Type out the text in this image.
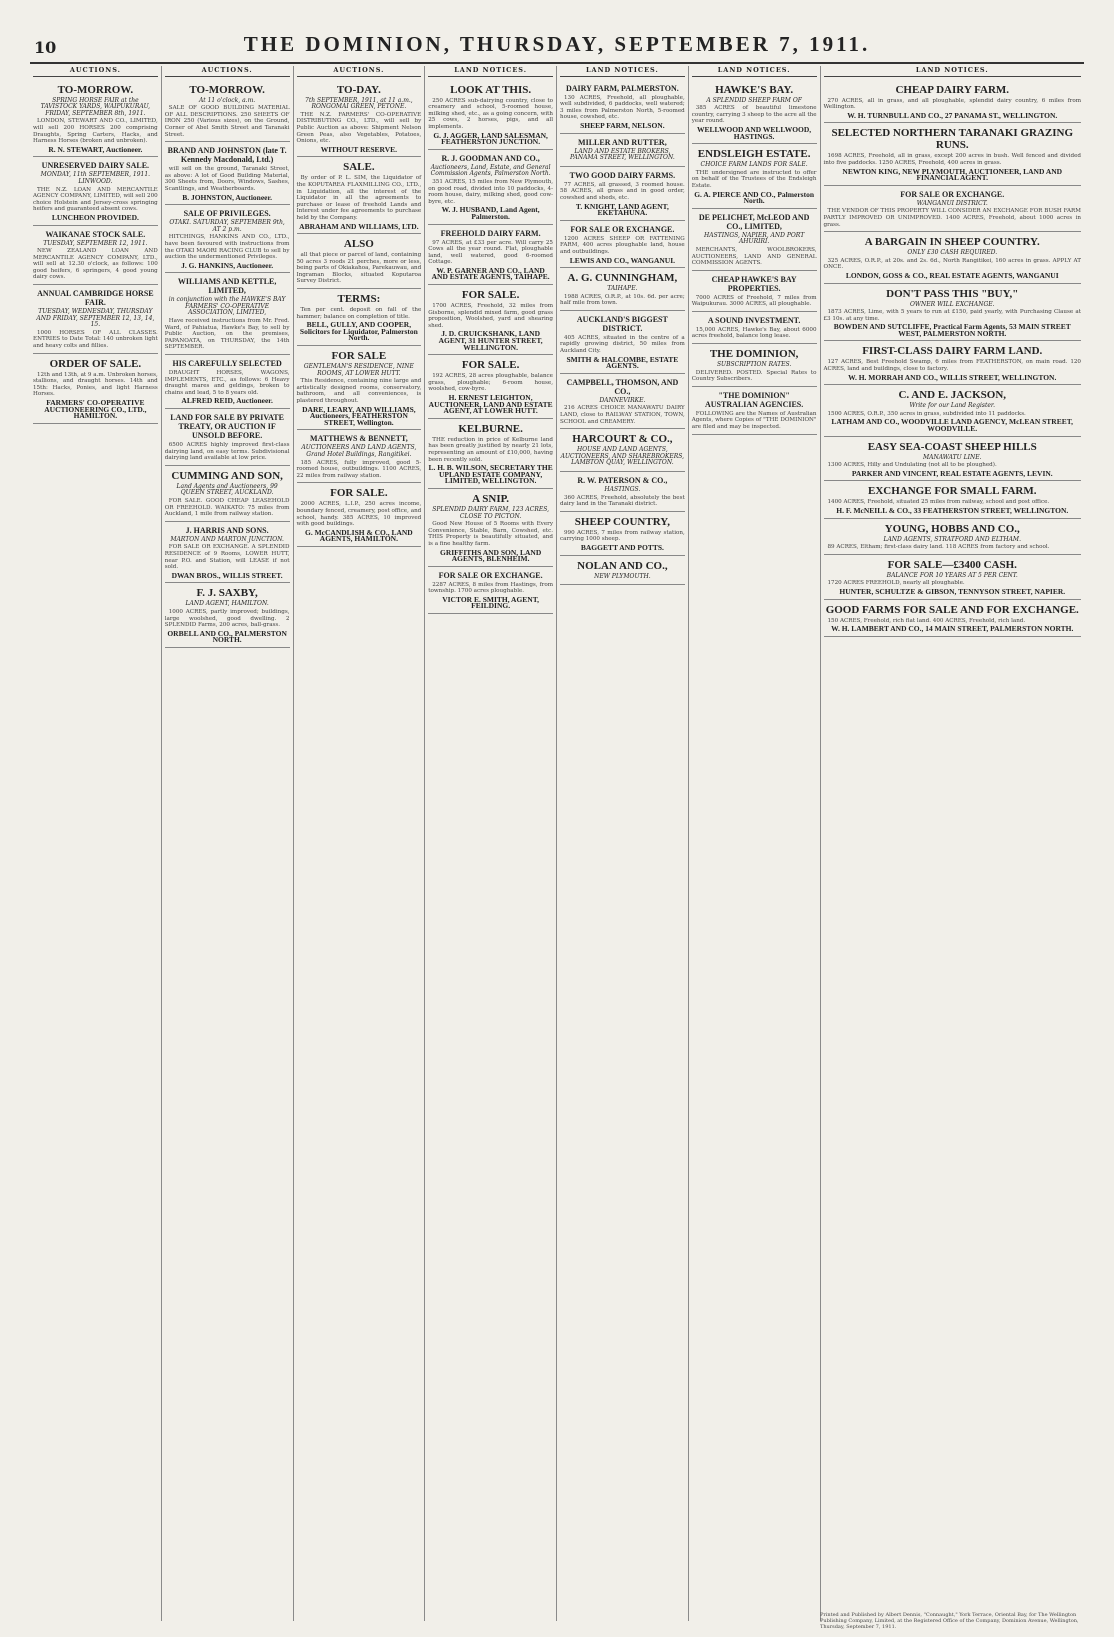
10	THE DOMINION, THURSDAY, SEPTEMBER 7, 1911.
AUCTIONS.
TO-MORROW.
SPRING HORSE FAIR at the TAVISTOCK YARDS, WAIPUKURAU, FRIDAY, SEPTEMBER 8th, 1911.
LONDON, STEWART AND CO., LIMITED, will sell 200 HORSES 200 comprising Draughts, Spring Carters, Hacks, and Harness Horses (broken and unbroken).
R. N. STEWART, Auctioneer.
UNRESERVED DAIRY SALE.
MONDAY, 11th SEPTEMBER, 1911. LINWOOD.
THE N.Z. LOAN AND MERCANTILE AGENCY COMPANY, LIMITED, will sell 200 choice Holstein and Jersey-cross springing heifers and guaranteed absent cows.
LUNCHEON PROVIDED.
WAIKANAE STOCK SALE.
TUESDAY, SEPTEMBER 12, 1911.
NEW ZEALAND LOAN AND MERCANTILE AGENCY COMPANY, LTD., will sell at 12.30 o'clock, as follows: 100 good heifers, 6 springers, 4 good young dairy cows.
ANNUAL CAMBRIDGE HORSE FAIR.
TUESDAY, WEDNESDAY, THURSDAY AND FRIDAY, SEPTEMBER 12, 13, 14, 15.
1000 HORSES OF ALL CLASSES. ENTRIES to Date Total: 140 unbroken light and heavy colts and fillies.
ORDER OF SALE.
12th and 13th, at 9 a.m. Unbroken horses, stallions, and draught horses. 14th and 15th: Hacks, Ponies, and light Harness Horses.
FARMERS' CO-OPERATIVE AUCTIONEERING CO., LTD., HAMILTON.
AUCTIONS.
TO-MORROW.
At 11 o'clock, a.m.
SALE OF GOOD BUILDING MATERIAL OF ALL DESCRIPTIONS. 250 SHEETS OF IRON 250 (Various sizes), on the Ground, Corner of Abel Smith Street and Taranaki Street.
BRAND AND JOHNSTON (late T. Kennedy Macdonald, Ltd.)
will sell on the ground, Taranaki Street, as above: A lot of Good Building Material, 300 Sheets from, Doors, Windows, Sashes, Scantlings, and Weatherboards.
B. JOHNSTON, Auctioneer.
SALE OF PRIVILEGES.
OTAKI. SATURDAY, SEPTEMBER 9th, AT 2 p.m.
HITCHINGS, HANKINS AND CO., LTD., have been favoured with instructions from the OTAKI MAORI RACING CLUB to sell by auction the undermentioned Privileges.
J. G. HANKINS, Auctioneer.
WILLIAMS AND KETTLE, LIMITED,
in conjunction with the HAWKE'S BAY FARMERS' CO-OPERATIVE ASSOCIATION, LIMITED,
Have received instructions from Mr. Fred. Ward, of Pahiatua, Hawke's Bay, to sell by Public Auction, on the premises, PAPANOATA, on THURSDAY, the 14th SEPTEMBER.
HIS CAREFULLY SELECTED
DRAUGHT HORSES, WAGONS, IMPLEMENTS, ETC., as follows: 6 Heavy draught mares and geldings, broken to chains and lead, 5 to 8 years old.
ALFRED REID, Auctioneer.
LAND FOR SALE BY PRIVATE TREATY, OR AUCTION IF UNSOLD BEFORE.
6500 ACRES highly improved first-class dairying land, on easy terms. Subdivisional dairying land available at low price.
CUMMING AND SON,
Land Agents and Auctioneers, 99 QUEEN STREET, AUCKLAND.
FOR SALE. GOOD CHEAP LEASEHOLD OR FREEHOLD. WAIKATO: 75 miles from Auckland, 1 mile from railway station.
J. HARRIS AND SONS.
MARTON AND MARTON JUNCTION.
FOR SALE OR EXCHANGE. A SPLENDID RESIDENCE of 9 Rooms, LOWER HUTT, near P.O. and Station, will LEASE if not sold.
DWAN BROS., WILLIS STREET.
F. J. SAXBY,
LAND AGENT, HAMILTON.
1000 ACRES, partly improved; buildings, large woolshed, good dwelling. 2 SPLENDID Farms, 200 acres, ball-grass.
ORBELL AND CO., PALMERSTON NORTH.
AUCTIONS.
TO-DAY.
7th SEPTEMBER, 1911, at 11 a.m., RONGOMAI GREEN, PETONE.
THE N.Z. FARMERS' CO-OPERATIVE DISTRIBUTING CO., LTD., will sell by Public Auction as above: Shipment Nelson Green Peas, also Vegetables, Potatoes, Onions, etc.
WITHOUT RESERVE.
SALE.
By order of P. L. SIM, the Liquidator of the KOPUTAREA FLAXMILLING CO., LTD., in Liquidation, all the interest of the Liquidator in all the agreements to purchase or lease of freehold Lands and Interest under fee agreements to purchase held by the Company.
ABRAHAM AND WILLIAMS, LTD.
ALSO
all that piece or parcel of land, containing 50 acres 3 roods 21 perches, more or less, being parts of Okiakahoa, Parekauwau, and Ingraman Blocks, situated Koputaroa Survey District.
TERMS:
Ten per cent. deposit on fall of the hammer; balance on completion of title.
BELL, GULLY, AND COOPER, Solicitors for Liquidator, Palmerston North.
FOR SALE
GENTLEMAN'S RESIDENCE, NINE ROOMS, AT LOWER HUTT.
This Residence, containing nine large and artistically designed rooms, conservatory, bathroom, and all conveniences, is plastered throughout.
DARE, LEARY, AND WILLIAMS, Auctioneers, FEATHERSTON STREET, Wellington.
MATTHEWS & BENNETT,
AUCTIONEERS AND LAND AGENTS, Grand Hotel Buildings, Rangitikei.
185 ACRES, fully improved, good 5-roomed house, outbuildings. 1100 ACRES, 22 miles from railway station.
FOR SALE.
2000 ACRES, L.I.P., 250 acres income, boundary fenced, creamery, post office, and school, handy. 385 ACRES, 10 improved with good buildings.
G. McCANDLISH & CO., LAND AGENTS, HAMILTON.
LAND NOTICES.
LOOK AT THIS.
250 ACRES sub-dairying country, close to creamery and school, 5-roomed house, milking shed, etc., as a going concern, with 25 cows, 2 horses, pigs, and all implements.
G. J. AGGER, LAND SALESMAN, FEATHERSTON JUNCTION.
R. J. GOODMAN AND CO.,
Auctioneers, Land, Estate, and General Commission Agents, Palmerston North.
351 ACRES, 15 miles from New Plymouth, on good road, divided into 10 paddocks, 4-room house, dairy, milking shed, good cow-byre, etc.
W. J. HUSBAND, Land Agent, Palmerston.
FREEHOLD DAIRY FARM.
97 ACRES, at £33 per acre. Will carry 25 Cows all the year round. Flat, ploughable land, well watered, good 6-roomed Cottage.
W. P. GARNER AND CO., LAND AND ESTATE AGENTS, TAIHAPE.
FOR SALE.
1700 ACRES, Freehold, 32 miles from Gisborne, splendid mixed farm, good grass proposition, Woolshed, yard and shearing shed.
J. D. CRUICKSHANK, LAND AGENT, 31 HUNTER STREET, WELLINGTON.
FOR SALE.
192 ACRES, 28 acres ploughable, balance grass, ploughable; 6-room house, woolshed, cow-byre.
H. ERNEST LEIGHTON, AUCTIONEER, LAND AND ESTATE AGENT, AT LOWER HUTT.
KELBURNE.
THE reduction in price of Kelburne land has been greatly justified by nearly 21 lots, representing an amount of £10,000, having been recently sold.
L. H. B. WILSON, SECRETARY THE UPLAND ESTATE COMPANY, LIMITED, WELLINGTON.
A SNIP.
SPLENDID DAIRY FARM, 123 ACRES, CLOSE TO PICTON.
Good New House of 5 Rooms with Every Convenience, Stable, Barn, Cowshed, etc. THIS Property is beautifully situated, and is a fine healthy farm.
GRIFFITHS AND SON, LAND AGENTS, BLENHEIM.
FOR SALE OR EXCHANGE.
2287 ACRES, 8 miles from Hastings, from township. 1700 acres ploughable.
VICTOR E. SMITH, AGENT, FEILDING.
LAND NOTICES.
DAIRY FARM, PALMERSTON.
130 ACRES, Freehold, all ploughable, well subdivided, 6 paddocks, well watered; 3 miles from Palmerston North, 5-roomed house, cowshed, etc.
SHEEP FARM, NELSON.
MILLER AND RUTTER,
LAND AND ESTATE BROKERS, PANAMA STREET, WELLINGTON.
TWO GOOD DAIRY FARMS.
77 ACRES, all grassed, 3 roomed house. 58 ACRES, all grass and in good order, cowshed and sheds, etc.
T. KNIGHT, LAND AGENT, EKETAHUNA.
FOR SALE OR EXCHANGE.
1200 ACRES SHEEP OR FATTENING FARM, 400 acres ploughable land, house and outbuildings.
LEWIS AND CO., WANGANUI.
A. G. CUNNINGHAM,
TAIHAPE.
1988 ACRES, O.R.P., at 10s. 6d. per acre; half mile from town.
AUCKLAND'S BIGGEST DISTRICT.
405 ACRES, situated in the centre of a rapidly growing district, 50 miles from Auckland City.
SMITH & HALCOMBE, ESTATE AGENTS.
CAMPBELL, THOMSON, AND CO.,
DANNEVIRKE.
216 ACRES CHOICE MANAWATU DAIRY LAND, close to RAILWAY STATION, TOWN, SCHOOL and CREAMERY.
HARCOURT & CO.,
HOUSE AND LAND AGENTS, AUCTIONEERS, AND SHAREBROKERS, LAMBTON QUAY, WELLINGTON.
R. W. PATERSON & CO.,
HASTINGS.
360 ACRES, Freehold, absolutely the best dairy land in the Taranaki district.
SHEEP COUNTRY,
990 ACRES, 7 miles from railway station, carrying 1000 sheep.
BAGGETT AND POTTS.
NOLAN AND CO.,
NEW PLYMOUTH.
LAND NOTICES.
HAWKE'S BAY.
A SPLENDID SHEEP FARM OF
385 ACRES of beautiful limestone country, carrying 3 sheep to the acre all the year round.
WELLWOOD AND WELLWOOD, HASTINGS.
ENDSLEIGH ESTATE.
CHOICE FARM LANDS FOR SALE.
THE undersigned are instructed to offer on behalf of the Trustees of the Endsleigh Estate.
G. A. PIERCE AND CO., Palmerston North.
DE PELICHET, McLEOD AND CO., LIMITED,
HASTINGS, NAPIER, AND PORT AHURIRI.
MERCHANTS, WOOLBROKERS, AUCTIONEERS, LAND AND GENERAL COMMISSION AGENTS.
CHEAP HAWKE'S BAY PROPERTIES.
7000 ACRES of Freehold, 7 miles from Waipukurau. 3000 ACRES, all ploughable.
A SOUND INVESTMENT.
15,000 ACRES, Hawke's Bay, about 6000 acres freehold, balance long lease.
THE DOMINION,
SUBSCRIPTION RATES.
DELIVERED. POSTED. Special Rates to Country Subscribers.
"THE DOMINION" AUSTRALIAN AGENCIES.
FOLLOWING are the Names of Australian Agents, where Copies of "THE DOMINION" are filed and may be inspected.
LAND NOTICES.
CHEAP DAIRY FARM.
270 ACRES, all in grass, and all ploughable, splendid dairy country, 6 miles from Wellington.
W. H. TURNBULL AND CO., 27 PANAMA ST., WELLINGTON.
SELECTED NORTHERN TARANAKI GRAZING RUNS.
1698 ACRES, Freehold, all in grass, except 200 acres in bush. Well fenced and divided into five paddocks. 1250 ACRES, Freehold, 400 acres in grass.
NEWTON KING, NEW PLYMOUTH, AUCTIONEER, LAND AND FINANCIAL AGENT.
FOR SALE OR EXCHANGE.
WANGANUI DISTRICT.
THE VENDOR OF THIS PROPERTY WILL CONSIDER AN EXCHANGE FOR BUSH FARM PARTLY IMPROVED OR UNIMPROVED. 1400 ACRES, Freehold, about 1000 acres in grass.
A BARGAIN IN SHEEP COUNTRY.
ONLY £30 CASH REQUIRED.
325 ACRES, O.R.P., at 20s. and 2s. 6d., North Rangitikei, 160 acres in grass. APPLY AT ONCE.
LONDON, GOSS & CO., REAL ESTATE AGENTS, WANGANUI
DON'T PASS THIS "BUY,"
OWNER WILL EXCHANGE.
1873 ACRES, Lime, with 5 years to run at £150, paid yearly, with Purchasing Clause at £3 10s. at any time.
BOWDEN AND SUTCLIFFE, Practical Farm Agents, 53 MAIN STREET WEST, PALMERSTON NORTH.
FIRST-CLASS DAIRY FARM LAND.
127 ACRES, Best Freehold Swamp, 6 miles from FEATHERSTON, on main road. 120 ACRES, land and buildings, close to factory.
W. H. MORRAH AND CO., WILLIS STREET, WELLINGTON.
C. AND E. JACKSON,
Write for our Land Register.
1500 ACRES, O.R.P., 350 acres in grass, subdivided into 11 paddocks.
LATHAM AND CO., WOODVILLE LAND AGENCY, McLEAN STREET, WOODVILLE.
EASY SEA-COAST SHEEP HILLS
MANAWATU LINE.
1300 ACRES, Hilly and Undulating (not all to be ploughed).
PARKER AND VINCENT, REAL ESTATE AGENTS, LEVIN.
EXCHANGE FOR SMALL FARM.
1400 ACRES, Freehold, situated 25 miles from railway, school and post office.
H. F. McNEILL & CO., 33 FEATHERSTON STREET, WELLINGTON.
YOUNG, HOBBS AND CO.,
LAND AGENTS, STRATFORD AND ELTHAM.
89 ACRES, Eltham; first-class dairy land. 118 ACRES from factory and school.
FOR SALE—£3400 CASH.
BALANCE FOR 10 YEARS AT 5 PER CENT.
1720 ACRES FREEHOLD, nearly all ploughable.
HUNTER, SCHULTZE & GIBSON, TENNYSON STREET, NAPIER.
GOOD FARMS FOR SALE AND FOR EXCHANGE.
150 ACRES, Freehold, rich flat land. 400 ACRES, Freehold, rich land.
W. H. LAMBERT AND CO., 14 MAIN STREET, PALMERSTON NORTH.
Printed and Published by Albert Dennis, "Connaught," York Terrace, Oriental Bay, for The Wellington Publishing Company, Limited, at the Registered Office of the Company, Dominion Avenue, Wellington, Thursday, September 7, 1911.
